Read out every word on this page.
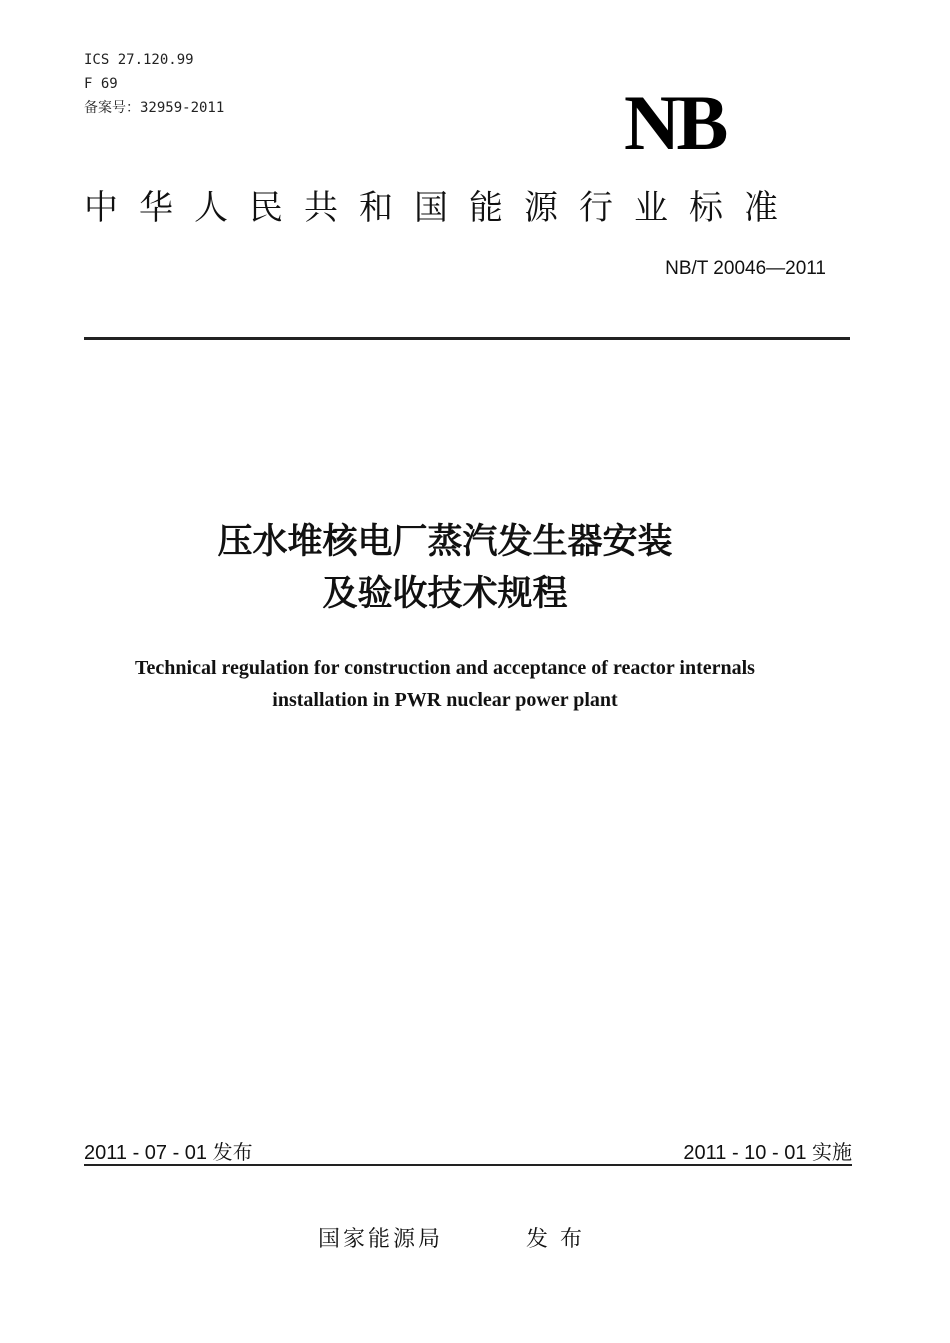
ICS 27.120.99
F 69
备案号：32959-2011	NB
中华人民共和国能源行业标准
NB/T 20046—2011
压水堆核电厂蒸汽发生器安装
及验收技术规程
Technical regulation for construction and acceptance of reactor internals
installation in PWR nuclear power plant
2011 - 07 - 01 发布	2011 - 10 - 01 实施
国家能源局	发布
